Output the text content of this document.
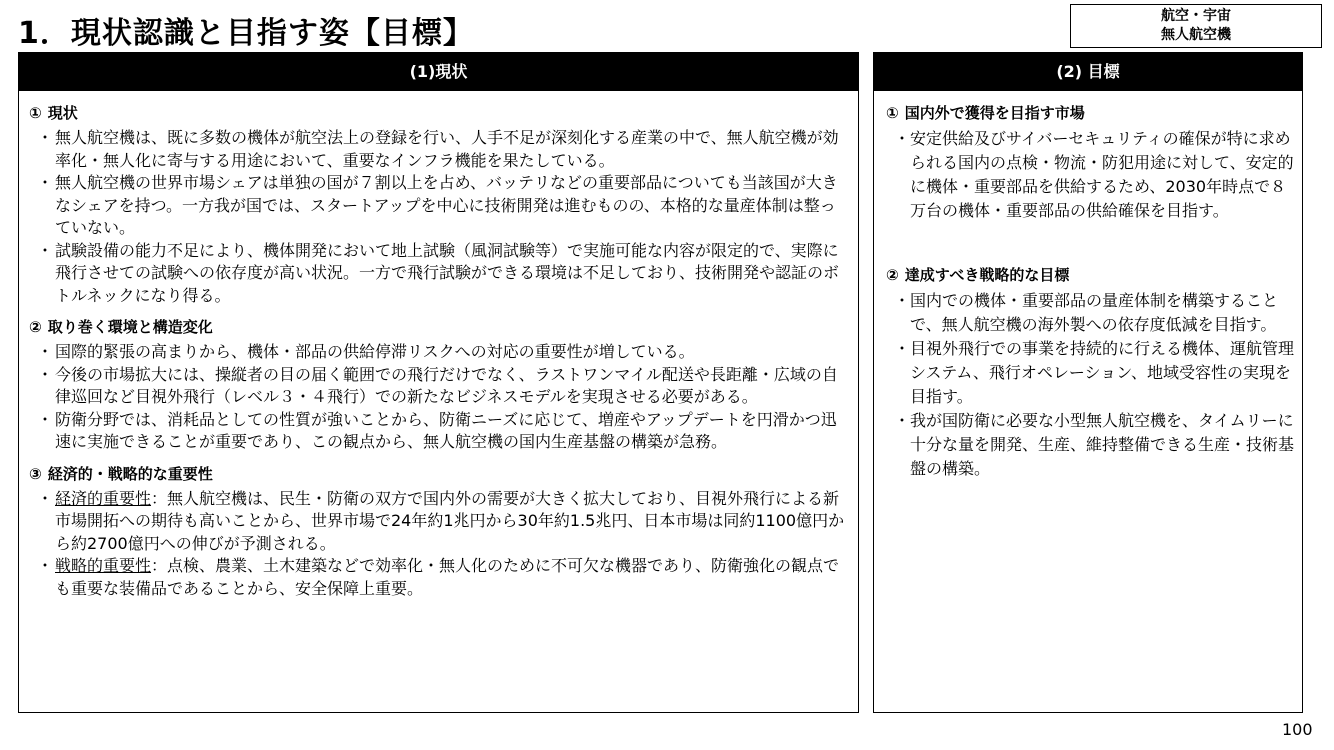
1．現状認識と目指す姿【目標】	航空・宇宙
無人航空機
(1)現状
① 現状
・ 無人航空機は、既に多数の機体が航空法上の登録を行い、人手不足が深刻化する産業の中で、無人航空機が効率化・無人化に寄与する用途において、重要なインフラ機能を果たしている。
・ 無人航空機の世界市場シェアは単独の国が７割以上を占め、バッテリなどの重要部品についても当該国が大きなシェアを持つ。一方我が国では、スタートアップを中心に技術開発は進むものの、本格的な量産体制は整っていない。
・ 試験設備の能力不足により、機体開発において地上試験（風洞試験等）で実施可能な内容が限定的で、実際に飛行させての試験への依存度が高い状況。一方で飛行試験ができる環境は不足しており、技術開発や認証のボトルネックになり得る。
② 取り巻く環境と構造変化
・ 国際的緊張の高まりから、機体・部品の供給停滞リスクへの対応の重要性が増している。
・ 今後の市場拡大には、操縦者の目の届く範囲での飛行だけでなく、ラストワンマイル配送や長距離・広域の自律巡回など目視外飛行（レベル３・４飛行）での新たなビジネスモデルを実現させる必要がある。
・ 防衛分野では、消耗品としての性質が強いことから、防衛ニーズに応じて、増産やアップデートを円滑かつ迅速に実施できることが重要であり、この観点から、無人航空機の国内生産基盤の構築が急務。
③ 経済的・戦略的な重要性
・ 経済的重要性：無人航空機は、民生・防衛の双方で国内外の需要が大きく拡大しており、目視外飛行による新市場開拓への期待も高いことから、世界市場で24年約1兆円から30年約1.5兆円、日本市場は同約1100億円から約2700億円への伸びが予測される。
・ 戦略的重要性：点検、農業、土木建築などで効率化・無人化のために不可欠な機器であり、防衛強化の観点でも重要な装備品であることから、安全保障上重要。
(2) 目標
① 国内外で獲得を目指す市場
・ 安定供給及びサイバーセキュリティの確保が特に求められる国内の点検・物流・防犯用途に対して、安定的に機体・重要部品を供給するため、2030年時点で８万台の機体・重要部品の供給確保を目指す。
② 達成すべき戦略的な目標
・ 国内での機体・重要部品の量産体制を構築することで、無人航空機の海外製への依存度低減を目指す。
・ 目視外飛行での事業を持続的に行える機体、運航管理システム、飛行オペレーション、地域受容性の実現を目指す。
・ 我が国防衛に必要な小型無人航空機を、タイムリーに十分な量を開発、生産、維持整備できる生産・技術基盤の構築。
100
